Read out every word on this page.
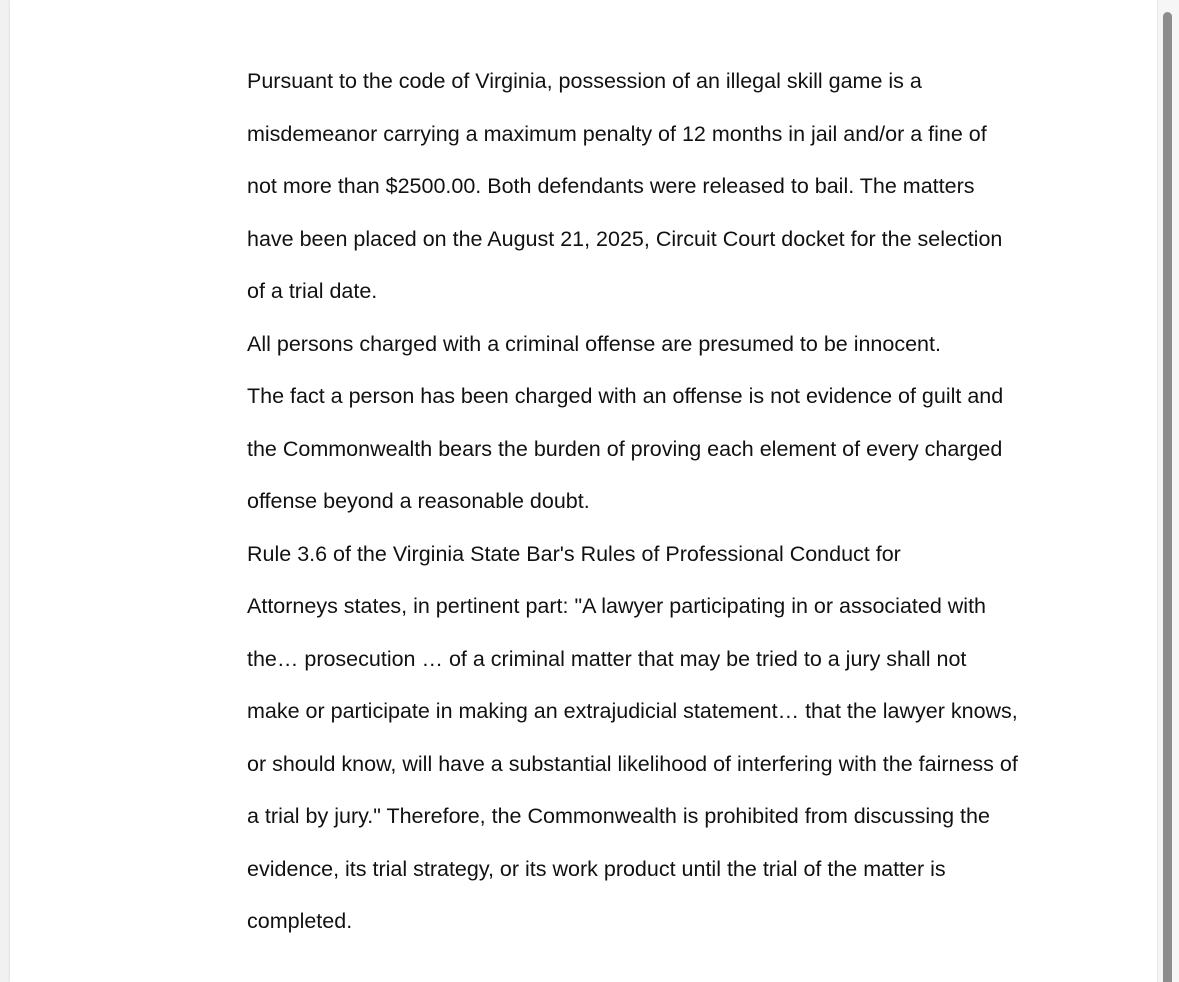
Pursuant to the code of Virginia, possession of an illegal skill game is a
misdemeanor carrying a maximum penalty of 12 months in jail and/or a fine of
not more than $2500.00. Both defendants were released to bail. The matters
have been placed on the August 21, 2025, Circuit Court docket for the selection
of a trial date.

All persons charged with a criminal offense are presumed to be innocent.
The fact a person has been charged with an offense is not evidence of guilt and
the Commonwealth bears the burden of proving each element of every charged
offense beyond a reasonable doubt.

Rule 3.6 of the Virginia State Bar's Rules of Professional Conduct for
Attorneys states, in pertinent part: "A lawyer participating in or associated with
the… prosecution … of a criminal matter that may be tried to a jury shall not
make or participate in making an extrajudicial statement… that the lawyer knows,
or should know, will have a substantial likelihood of interfering with the fairness of
a trial by jury." Therefore, the Commonwealth is prohibited from discussing the
evidence, its trial strategy, or its work product until the trial of the matter is
completed.
